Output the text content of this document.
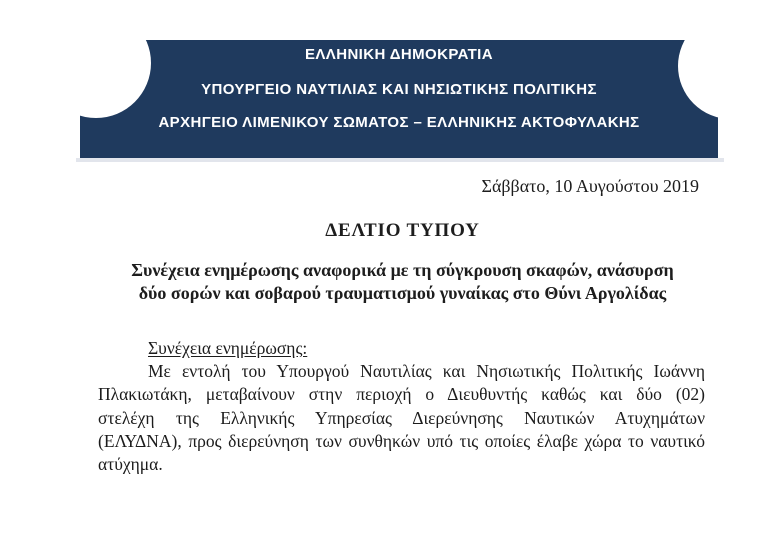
ΕΛΛΗΝΙΚΗ ΔΗΜΟΚΡΑΤΙΑ
ΥΠΟΥΡΓΕΙΟ ΝΑΥΤΙΛΙΑΣ ΚΑΙ ΝΗΣΙΩΤΙΚΗΣ ΠΟΛΙΤΙΚΗΣ
ΑΡΧΗΓΕΙΟ ΛΙΜΕΝΙΚΟΥ ΣΩΜΑΤΟΣ – ΕΛΛΗΝΙΚΗΣ ΑΚΤΟΦΥΛΑΚΗΣ
Σάββατο, 10 Αυγούστου 2019
ΔΕΛΤΙΟ ΤΥΠΟΥ
Συνέχεια ενημέρωσης αναφορικά με τη σύγκρουση σκαφών, ανάσυρση
δύο σορών και σοβαρού τραυματισμού γυναίκας στο Θύνι Αργολίδας
Συνέχεια ενημέρωσης:
Με εντολή του Υπουργού Ναυτιλίας και Νησιωτικής Πολιτικής Ιωάννη
Πλακιωτάκη, μεταβαίνουν στην περιοχή ο Διευθυντής καθώς και δύο (02)
στελέχη της Ελληνικής Υπηρεσίας Διερεύνησης Ναυτικών Ατυχημάτων
(ΕΛΥΔΝΑ), προς διερεύνηση των συνθηκών υπό τις οποίες έλαβε χώρα το ναυτικό
ατύχημα.
